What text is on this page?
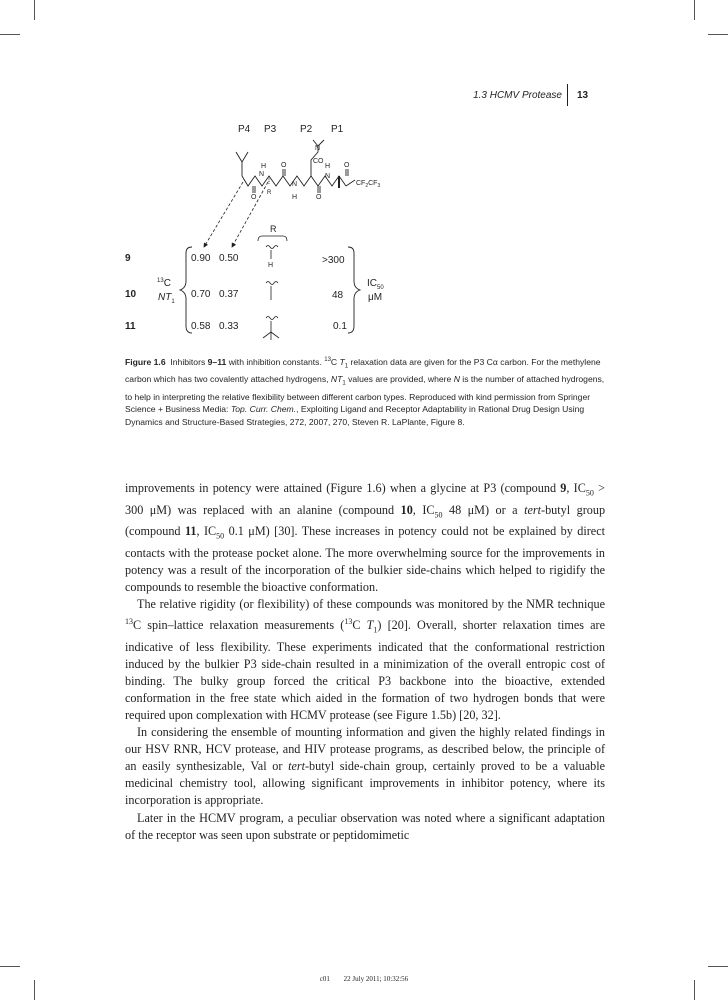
1.3 HCMV Protease 13
P4 P3 P2 P1
H O
N
N
H
O
R
O
N
CO
H
N
O
$CF_2CF_3$
R
9
10
11
$^{13}$C
$NT_1$
0.90 0.50
0.70 0.37
0.58 0.33
>300
48
0.1
H
$IC_{50}$
μM
Figure 1.6 Inhibitors 9–11 with inhibition constants. $^{13}$C $T_1$ relaxation data are given for the P3 Cα carbon. For the methylene carbon which has two covalently attached hydrogens, $NT_1$ values are provided, where N is the number of attached hydrogens, to help in interpreting the relative flexibility between different carbon types. Reproduced with kind permission from Springer Science + Business Media: Top. Curr. Chem., Exploiting Ligand and Receptor Adaptability in Rational Drug Design Using Dynamics and Structure-Based Strategies, 272, 2007, 270, Steven R. LaPlante, Figure 8.

improvements in potency were attained (Figure 1.6) when a glycine at P3 (compound 9, $IC_{50} > 300$ μM) was replaced with an alanine (compound 10, $IC_{50}$ 48 μM) or a tert-butyl group (compound 11, $IC_{50}$ 0.1 μM) [30]. These increases in potency could not be explained by direct contacts with the protease pocket alone. The more overwhelming source for the improvements in potency was a result of the incorporation of the bulkier side-chains which helped to rigidify the compounds to resemble the bioactive conformation.

The relative rigidity (or flexibility) of these compounds was monitored by the NMR technique $^{13}$C spin–lattice relaxation measurements ($^{13}$C $T_1$) [20]. Overall, shorter relaxation times are indicative of less flexibility. These experiments indicated that the conformational restriction induced by the bulkier P3 side-chain resulted in a minimization of the overall entropic cost of binding. The bulky group forced the critical P3 backbone into the bioactive, extended conformation in the free state which aided in the formation of two hydrogen bonds that were required upon complexation with HCMV protease (see Figure 1.5b) [20, 32].

In considering the ensemble of mounting information and given the highly related findings in our HSV RNR, HCV protease, and HIV protease programs, as described below, the principle of an easily synthesizable, Val or tert-butyl side-chain group, certainly proved to be a valuable medicinal chemistry tool, allowing significant improvements in inhibitor potency, where its incorporation is appropriate.

Later in the HCMV program, a peculiar observation was noted where a significant adaptation of the receptor was seen upon substrate or peptidomimetic

c01 22 July 2011; 10:32:56
